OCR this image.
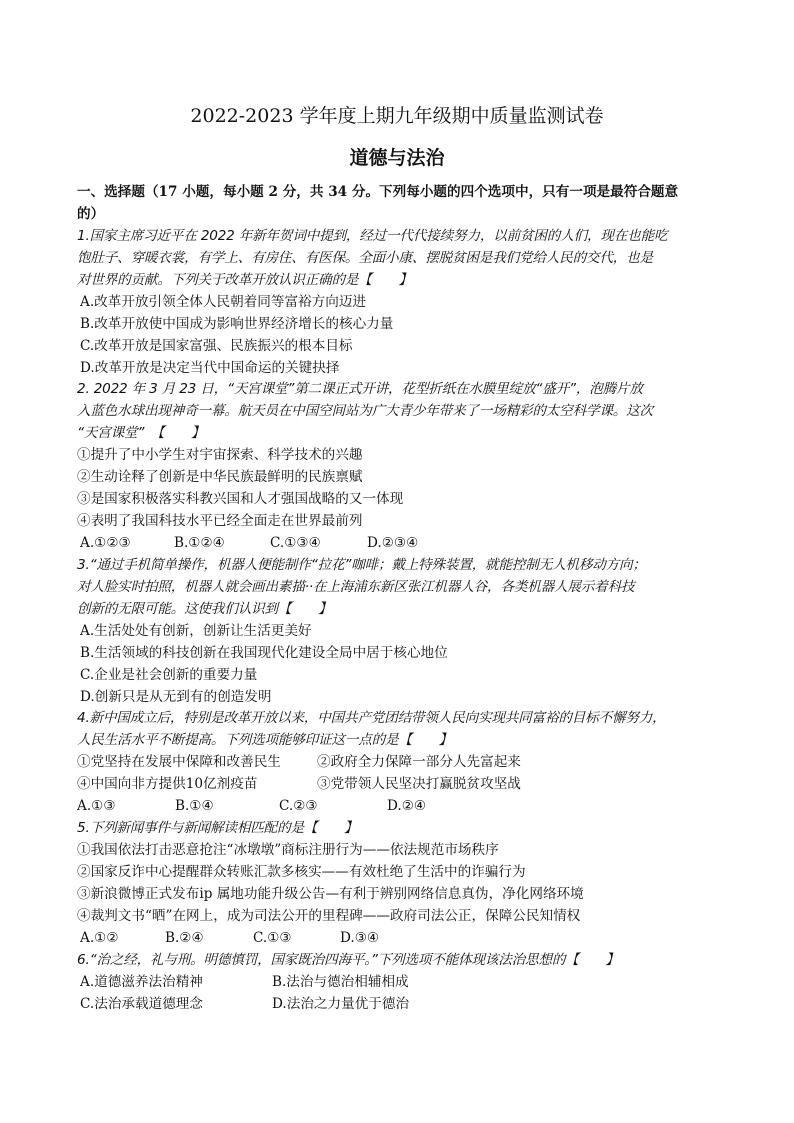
2022-2023 学年度上期九年级期中质量监测试卷
道德与法治
一、选择题（17 小题，每小题 2 分，共 34 分。下列每小题的四个选项中，只有一项是最符合题意
的）
1.国家主席习近平在 2022 年新年贺词中提到，经过一代代接续努力，以前贫困的人们，现在也能吃
饱肚子、穿暖衣裳，有学上、有房住、有医保。全面小康、摆脱贫困是我们党给人民的交代，也是
对世界的贡献。下列关于改革开放认识正确的是【　　】
A.改革开放引领全体人民朝着同等富裕方向迈进
B.改革开放使中国成为影响世界经济增长的核心力量
C.改革开放是国家富强、民族振兴的根本目标
D.改革开放是决定当代中国命运的关键抉择
2. 2022 年 3 月 23 日，“天宫课堂”第二课正式开讲，花型折纸在水膜里绽放“盛开”，泡腾片放
入蓝色水球出现神奇一幕。航天员在中国空间站为广大青少年带来了一场精彩的太空科学课。这次
“天宫课堂”　【　　】
①提升了中小学生对宇宙探索、科学技术的兴趣
②生动诠释了创新是中华民族最鲜明的民族禀赋
③是国家积极落实科教兴国和人才强国战略的又一体现
④表明了我国科技水平已经全面走在世界最前列
A.①②③	B.①②④	C.①③④	D.②③④
3.“通过手机简单操作，机器人便能制作“拉花”咖啡；戴上特殊装置，就能控制无人机移动方向；
对人脸实时拍照，机器人就会画出素描··在上海浦东新区张江机器人谷，各类机器人展示着科技
创新的无限可能。这使我们认识到【　　】
A.生活处处有创新，创新让生活更美好
B.生活领域的科技创新在我国现代化建设全局中居于核心地位
C.企业是社会创新的重要力量
D.创新只是从无到有的创造发明
4.新中国成立后，特别是改革开放以来，中国共产党团结带领人民向实现共同富裕的目标不懈努力，
人民生活水平不断提高。下列选项能够印证这一点的是【　　】
①党坚持在发展中保障和改善民生	②政府全力保障一部分人先富起来
④中国向非方提供10亿剂疫苗	③党带领人民坚决打赢脱贫攻坚战
A.①③	B.①④	C.②③	D.②④
5.下列新闻事件与新闻解读相匹配的是【　　】
①我国依法打击恶意抢注“冰墩墩”商标注册行为——依法规范市场秩序
②国家反诈中心提醒群众转账汇款多核实——有效杜绝了生活中的诈骗行为
③新浪微博正式发布ip 属地功能升级公告—有利于辨别网络信息真伪，净化网络环境
④裁判文书“晒”在网上，成为司法公开的里程碑——政府司法公正，保障公民知情权
A.①②	B.②④	C.①③	D.③④
6.“治之经，礼与刑。明德慎罚，国家既治四海平。”下列选项不能体现该法治思想的【　　】
A.道德滋养法治精神	B.法治与德治相辅相成
C.法治承载道德理念	D.法治之力量优于德治
